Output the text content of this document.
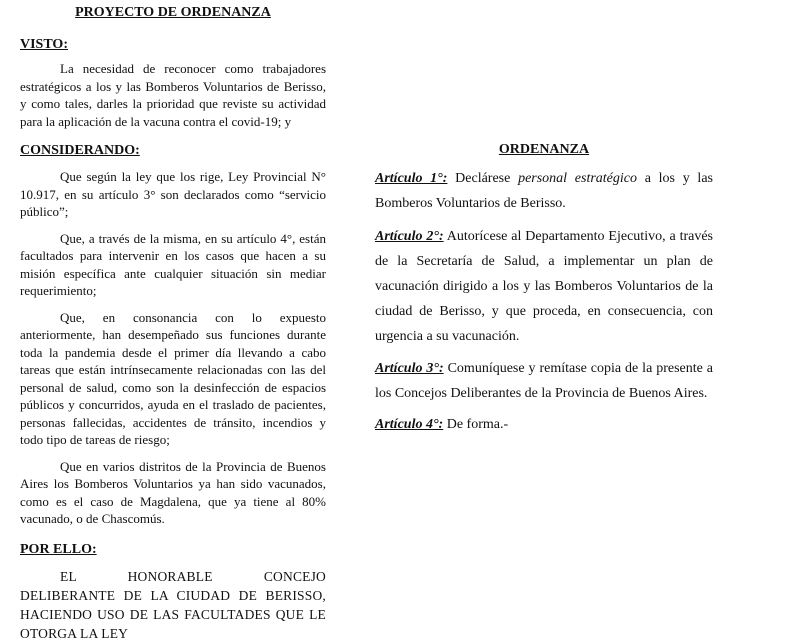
PROYECTO DE ORDENANZA

VISTO:

La necesidad de reconocer como trabajadores estratégicos a los y las Bomberos Voluntarios de Berisso, y como tales, darles la prioridad que reviste su actividad para la aplicación de la vacuna contra el covid-19; y

CONSIDERANDO:

Que según la ley que los rige, Ley Provincial N° 10.917, en su artículo 3° son declarados como “servicio público”;

Que, a través de la misma, en su artículo 4°, están facultados para intervenir en los casos que hacen a su misión específica ante cualquier situación sin mediar requerimiento;

Que, en consonancia con lo expuesto anteriormente, han desempeñado sus funciones durante toda la pandemia desde el primer día llevando a cabo tareas que están intrínsecamente relacionadas con las del personal de salud, como son la desinfección de espacios públicos y concurridos, ayuda en el traslado de pacientes, personas fallecidas, accidentes de tránsito, incendios y todo tipo de tareas de riesgo;

Que en varios distritos de la Provincia de Buenos Aires los Bomberos Voluntarios ya han sido vacunados, como es el caso de Magdalena, que ya tiene al 80% vacunado, o de Chascomús.

POR ELLO:

EL HONORABLE CONCEJO DELIBERANTE DE LA CIUDAD DE BERISSO, HACIENDO USO DE LAS FACULTADES QUE LE OTORGA LA LEY

ORDENANZA

Artículo 1°: Declárese personal estratégico a los y las Bomberos Voluntarios de Berisso.

Artículo 2°: Autorícese al Departamento Ejecutivo, a través de la Secretaría de Salud, a implementar un plan de vacunación dirigido a los y las Bomberos Voluntarios de la ciudad de Berisso, y que proceda, en consecuencia, con urgencia a su vacunación.

Artículo 3°: Comuníquese y remítase copia de la presente a los Concejos Deliberantes de la Provincia de Buenos Aires.

Artículo 4°: De forma.-
